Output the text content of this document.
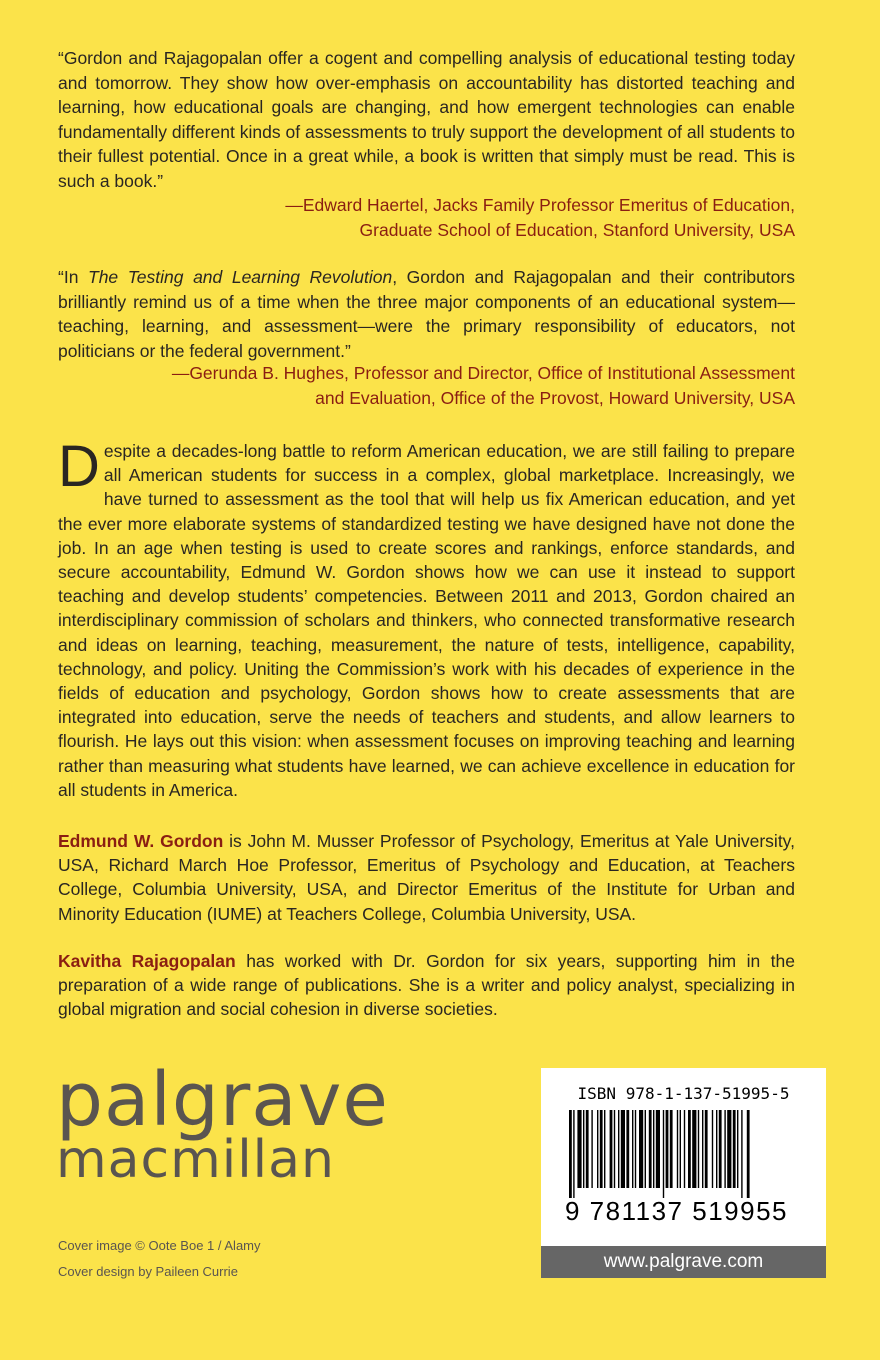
“Gordon and Rajagopalan offer a cogent and compelling analysis of educational testing today and tomorrow. They show how over-emphasis on accountability has distorted teaching and learning, how educational goals are changing, and how emergent technologies can enable fundamentally different kinds of assessments to truly support the development of all students to their fullest potential. Once in a great while, a book is written that simply must be read. This is such a book.”

—Edward Haertel, Jacks Family Professor Emeritus of Education,
Graduate School of Education, Stanford University, USA

“In The Testing and Learning Revolution, Gordon and Rajagopalan and their contributors brilliantly remind us of a time when the three major components of an educational system—teaching, learning, and assessment—were the primary responsibility of educators, not politicians or the federal government.”

—Gerunda B. Hughes, Professor and Director, Office of Institutional Assessment
and Evaluation, Office of the Provost, Howard University, USA

Despite a decades-long battle to reform American education, we are still failing to prepare all American students for success in a complex, global marketplace. Increasingly, we have turned to assessment as the tool that will help us fix American education, and yet the ever more elaborate systems of standardized testing we have designed have not done the job. In an age when testing is used to create scores and rankings, enforce standards, and secure accountability, Edmund W. Gordon shows how we can use it instead to support teaching and develop students’ competencies. Between 2011 and 2013, Gordon chaired an interdisciplinary commission of scholars and thinkers, who connected transformative research and ideas on learning, teaching, measurement, the nature of tests, intelligence, capability, technology, and policy. Uniting the Commission’s work with his decades of experience in the fields of education and psychology, Gordon shows how to create assessments that are integrated into education, serve the needs of teachers and students, and allow learners to flourish. He lays out this vision: when assessment focuses on improving teaching and learning rather than measuring what students have learned, we can achieve excellence in education for all students in America.

Edmund W. Gordon is John M. Musser Professor of Psychology, Emeritus at Yale University, USA, Richard March Hoe Professor, Emeritus of Psychology and Education, at Teachers College, Columbia University, USA, and Director Emeritus of the Institute for Urban and Minority Education (IUME) at Teachers College, Columbia University, USA.

Kavitha Rajagopalan has worked with Dr. Gordon for six years, supporting him in the preparation of a wide range of publications. She is a writer and policy analyst, specializing in global migration and social cohesion in diverse societies.

palgrave
macmillan
Cover image © Oote Boe 1 / Alamy
Cover design by Paileen Currie
ISBN 978-1-137-51995-5
9 781137 519955
www.palgrave.com
